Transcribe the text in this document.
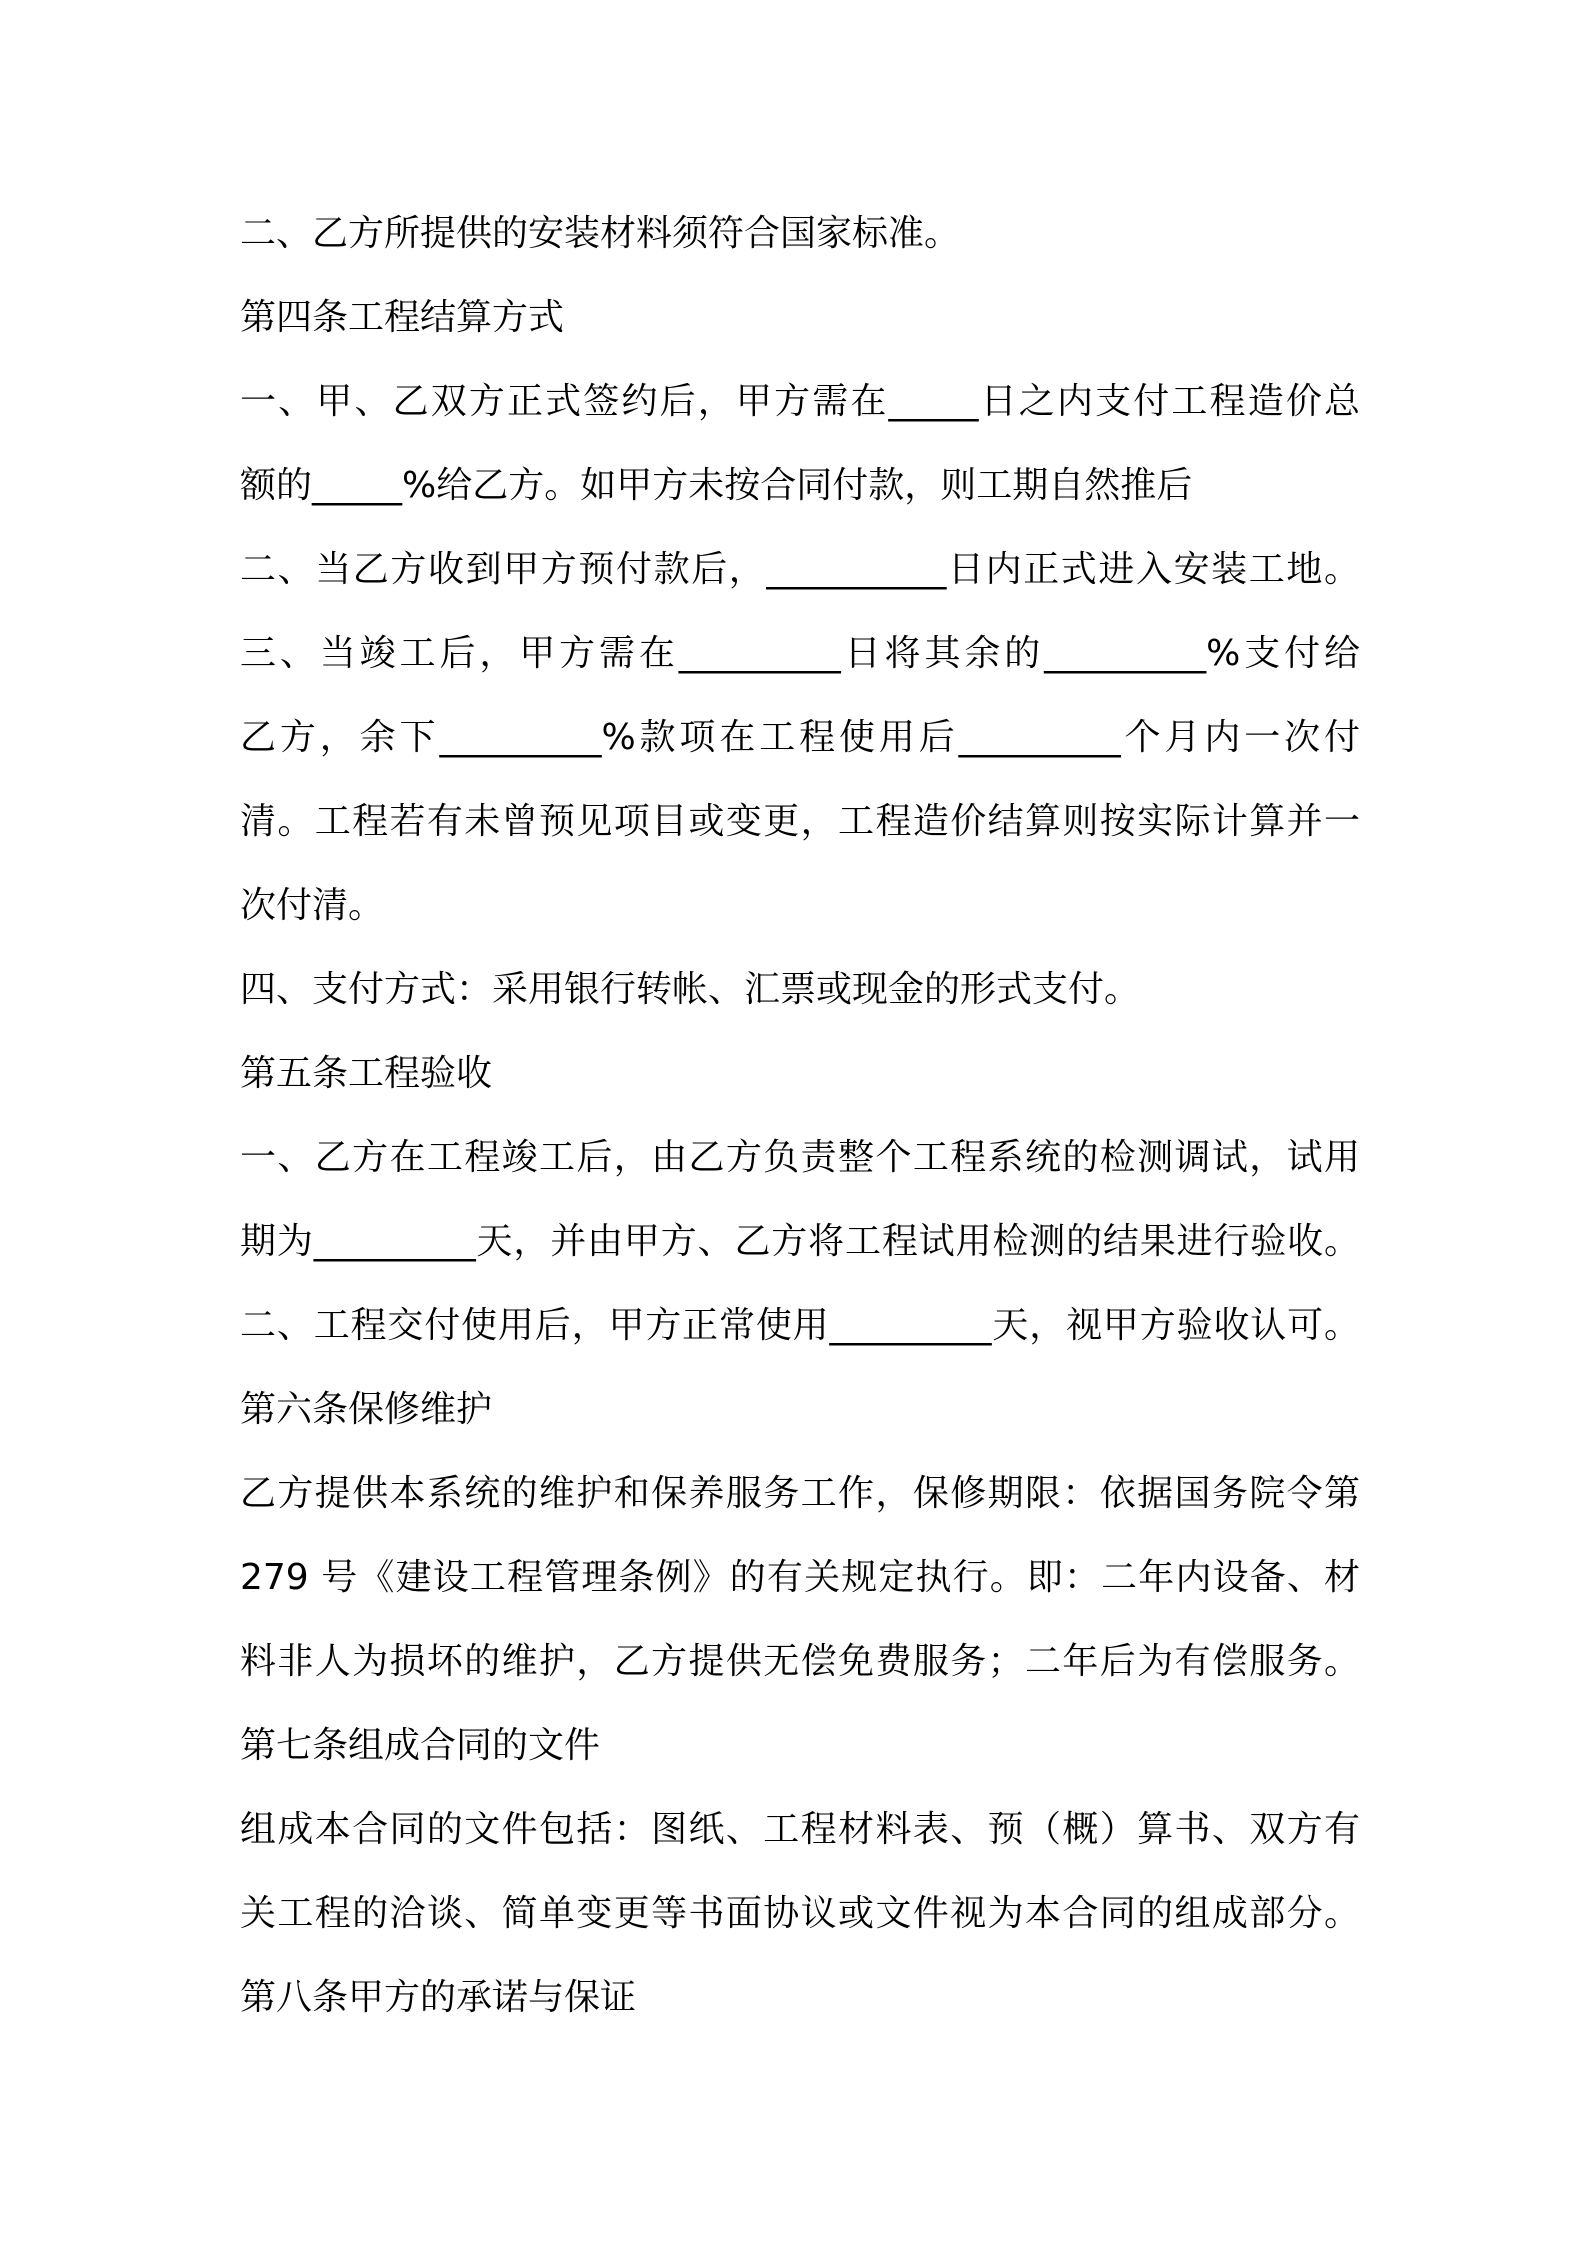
二、乙方所提供的安装材料须符合国家标准。
第四条工程结算方式
一、甲、乙双方正式签约后，甲方需在_____日之内支付工程造价总
额的_____%给乙方。如甲方未按合同付款，则工期自然推后
二、当乙方收到甲方预付款后，__________日内正式进入安装工地。
三、当竣工后，甲方需在_________日将其余的_________%支付给
乙方，余下_________%款项在工程使用后_________个月内一次付
清。工程若有未曾预见项目或变更，工程造价结算则按实际计算并一
次付清。
四、支付方式：采用银行转帐、汇票或现金的形式支付。
第五条工程验收
一、乙方在工程竣工后，由乙方负责整个工程系统的检测调试，试用
期为_________天，并由甲方、乙方将工程试用检测的结果进行验收。
二、工程交付使用后，甲方正常使用_________天，视甲方验收认可。
第六条保修维护
乙方提供本系统的维护和保养服务工作，保修期限：依据国务院令第
279 号《建设工程管理条例》的有关规定执行。即：二年内设备、材
料非人为损坏的维护，乙方提供无偿免费服务；二年后为有偿服务。
第七条组成合同的文件
组成本合同的文件包括：图纸、工程材料表、预（概）算书、双方有
关工程的洽谈、简单变更等书面协议或文件视为本合同的组成部分。
第八条甲方的承诺与保证
